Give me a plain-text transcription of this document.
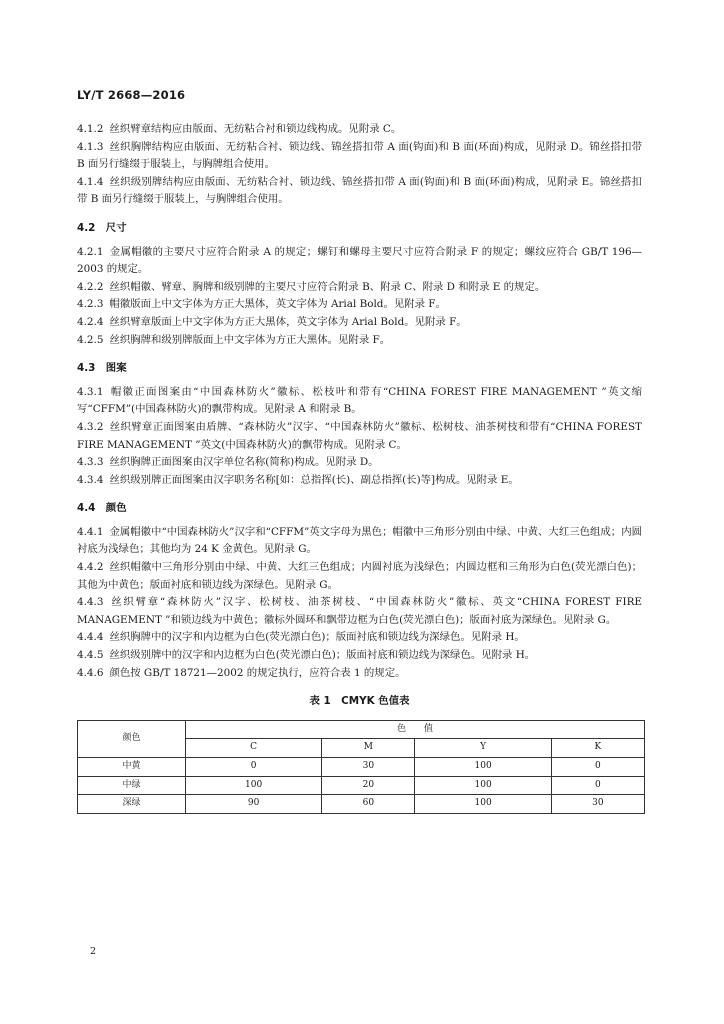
LY/T 2668—2016

4.1.2 丝织臂章结构应由版面、无纺粘合衬和锁边线构成。见附录 C。

4.1.3 丝织胸牌结构应由版面、无纺粘合衬、锁边线、锦丝搭扣带 A 面(钩面)和 B 面(环面)构成，见附录 D。锦丝搭扣带 B 面另行缝缀于服装上，与胸牌组合使用。

4.1.4 丝织级别牌结构应由版面、无纺粘合衬、锁边线、锦丝搭扣带 A 面(钩面)和 B 面(环面)构成，见附录 E。锦丝搭扣带 B 面另行缝缀于服装上，与胸牌组合使用。

4.2　尺寸

4.2.1 金属帽徽的主要尺寸应符合附录 A 的规定；螺钉和螺母主要尺寸应符合附录 F 的规定；螺纹应符合 GB/T 196—2003 的规定。

4.2.2 丝织帽徽、臂章、胸牌和级别牌的主要尺寸应符合附录 B、附录 C、附录 D 和附录 E 的规定。

4.2.3 帽徽版面上中文字体为方正大黑体，英文字体为 Arial Bold。见附录 F。

4.2.4 丝织臂章版面上中文字体为方正大黑体，英文字体为 Arial Bold。见附录 F。

4.2.5 丝织胸牌和级别牌版面上中文字体为方正大黑体。见附录 F。

4.3　图案

4.3.1 帽徽正面图案由“中国森林防火”徽标、松枝叶和带有“CHINA FOREST FIRE MANAGEMENT ”英文缩写“CFFM”(中国森林防火)的飘带构成。见附录 A 和附录 B。

4.3.2 丝织臂章正面图案由盾牌、“森林防火”汉字、“中国森林防火”徽标、松树枝、油茶树枝和带有“CHINA FOREST FIRE MANAGEMENT ”英文(中国森林防火)的飘带构成。见附录 C。

4.3.3 丝织胸牌正面图案由汉字单位名称(简称)构成。见附录 D。

4.3.4 丝织级别牌正面图案由汉字职务名称[如：总指挥(长)、副总指挥(长)等]构成。见附录 E。

4.4　颜色

4.4.1 金属帽徽中“中国森林防火”汉字和“CFFM”英文字母为黑色；帽徽中三角形分别由中绿、中黄、大红三色组成；内圆衬底为浅绿色；其他均为 24 K 金黄色。见附录 G。

4.4.2 丝织帽徽中三角形分别由中绿、中黄、大红三色组成；内圆衬底为浅绿色；内圆边框和三角形为白色(荧光漂白色)；其他为中黄色；版面衬底和锁边线为深绿色。见附录 G。

4.4.3 丝织臂章“森林防火”汉字、松树枝、油茶树枝、“中国森林防火”徽标、英文“CHINA FOREST FIRE MANAGEMENT ”和锁边线为中黄色；徽标外圆环和飘带边框为白色(荧光漂白色)；版面衬底为深绿色。见附录 G。

4.4.4 丝织胸牌中的汉字和内边框为白色(荧光漂白色)；版面衬底和锁边线为深绿色。见附录 H。

4.4.5 丝织级别牌中的汉字和内边框为白色(荧光漂白色)；版面衬底和锁边线为深绿色。见附录 H。

4.4.6 颜色按 GB/T 18721—2002 的规定执行，应符合表 1 的规定。

表 1　CMYK 色值表
颜色	色　　值			
	C	M	Y	K
中黄	0	30	100	0
中绿	100	20	100	0
深绿	90	60	100	30
2
